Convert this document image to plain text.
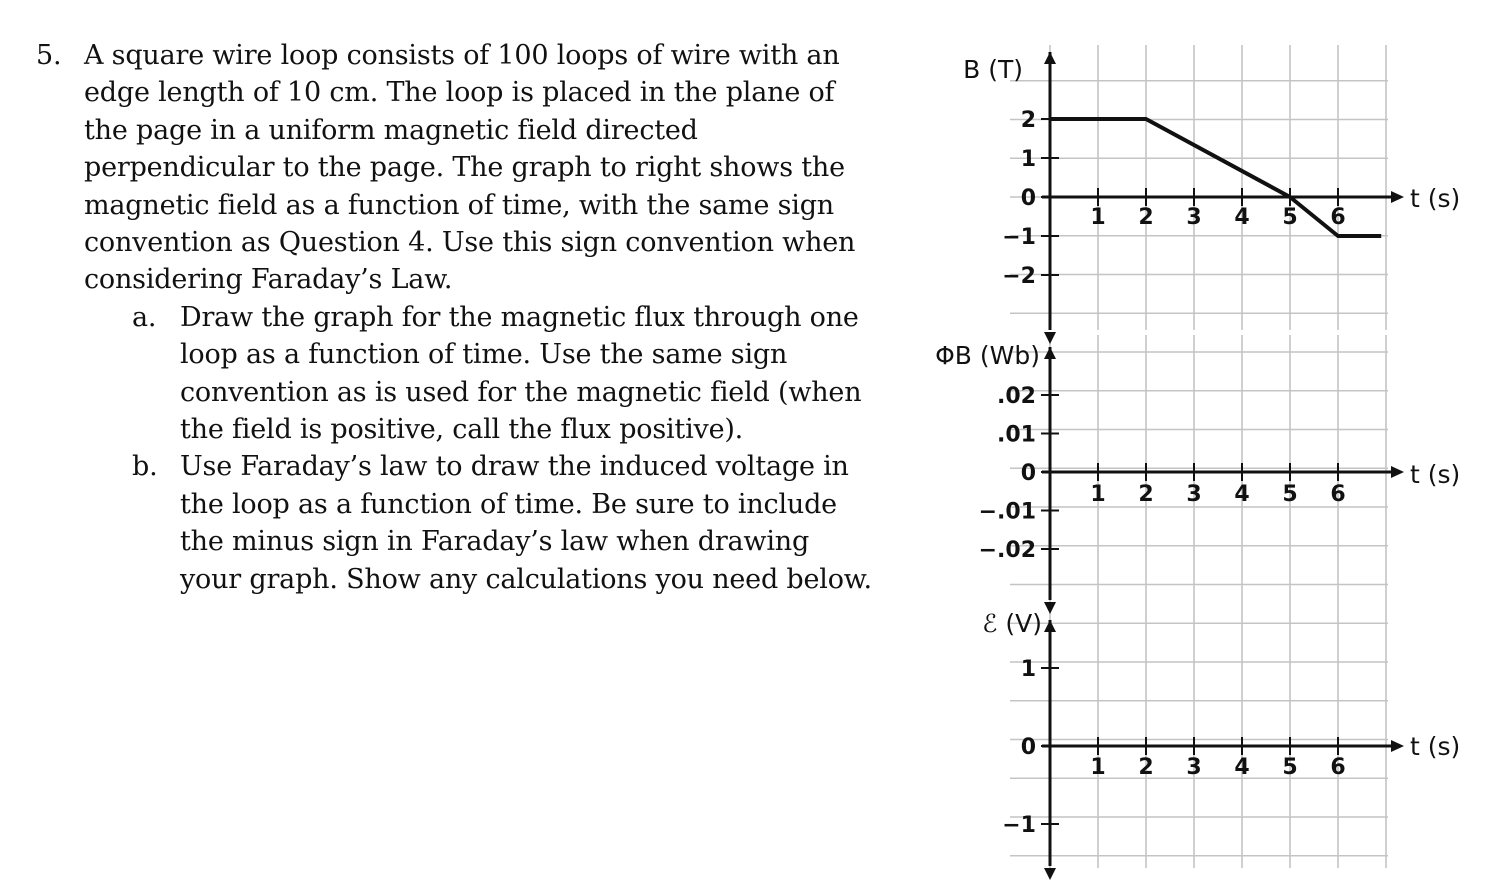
5. A square wire loop consists of 100 loops of wire with an
edge length of 10 cm. The loop is placed in the plane of
the page in a uniform magnetic field directed
perpendicular to the page. The graph to right shows the
magnetic field as a function of time, with the same sign
convention as Question 4. Use this sign convention when
considering Faraday’s Law.
a. Draw the graph for the magnetic flux through one
loop as a function of time. Use the same sign
convention as is used for the magnetic field (when
the field is positive, call the flux positive).
b. Use Faraday’s law to draw the induced voltage in
the loop as a function of time. Be sure to include
the minus sign in Faraday’s law when drawing
your graph. Show any calculations you need below.
B (T)
t (s)
2
1
0
−1
−2
1 2 3 4 5 6
ΦB (Wb)
t (s)
.02
.01
0
−.01
−.02
1 2 3 4 5 6
ℰ (V)
t (s)
1
0
−1
1 2 3 4 5 6
